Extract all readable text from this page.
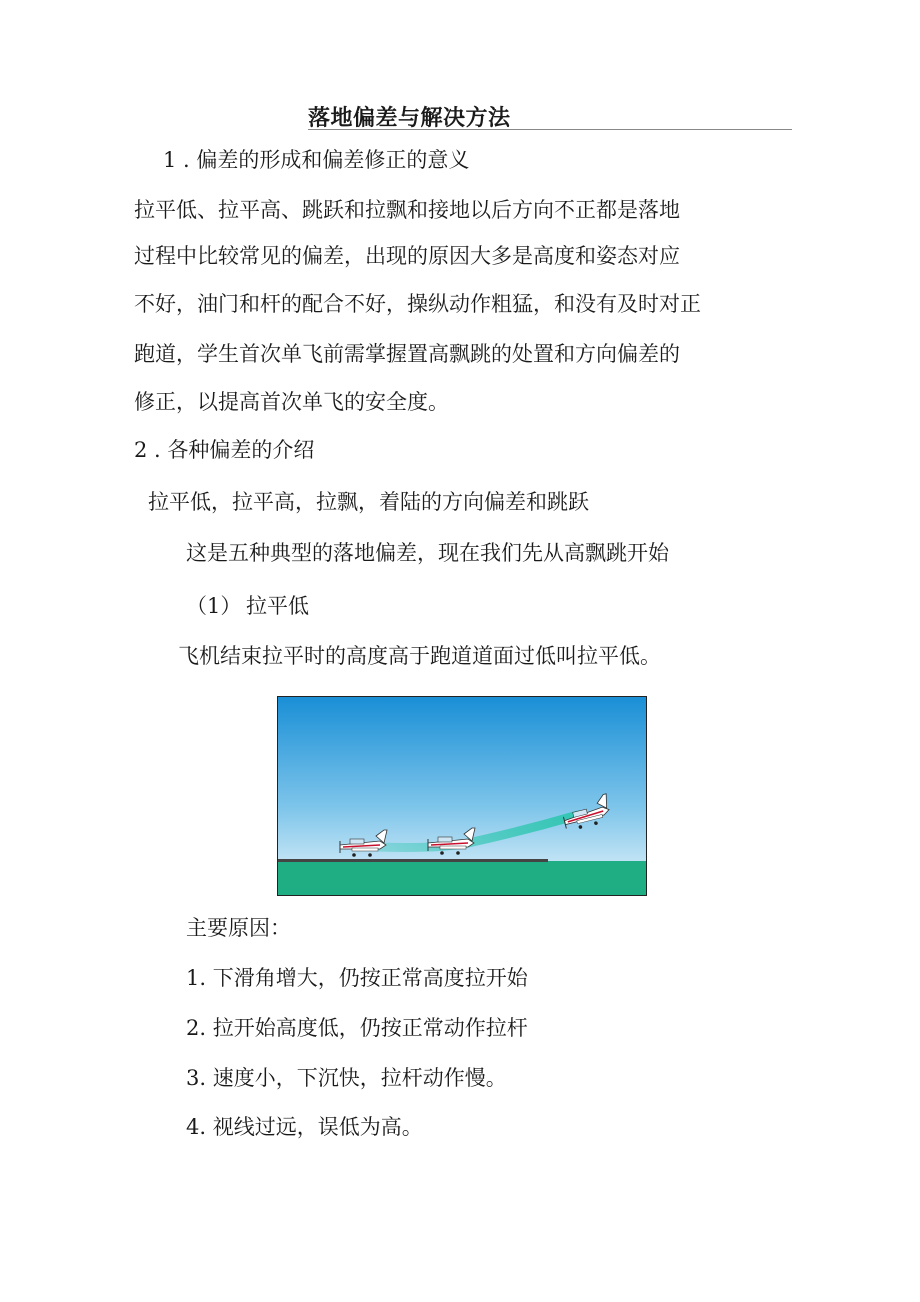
落地偏差与解决方法
1 . 偏差的形成和偏差修正的意义
拉平低、拉平高、跳跃和拉飘和接地以后方向不正都是落地
过程中比较常见的偏差，出现的原因大多是高度和姿态对应
不好，油门和杆的配合不好，操纵动作粗猛，和没有及时对正
跑道，学生首次单飞前需掌握置高飘跳的处置和方向偏差的
修正，以提高首次单飞的安全度。
2 . 各种偏差的介绍
拉平低，拉平高，拉飘，着陆的方向偏差和跳跃
这是五种典型的落地偏差，现在我们先从高飘跳开始
（1） 拉平低
飞机结束拉平时的高度高于跑道道面过低叫拉平低。
主要原因：
1. 下滑角增大，仍按正常高度拉开始
2. 拉开始高度低，仍按正常动作拉杆
3. 速度小，下沉快，拉杆动作慢。
4. 视线过远，误低为高。
